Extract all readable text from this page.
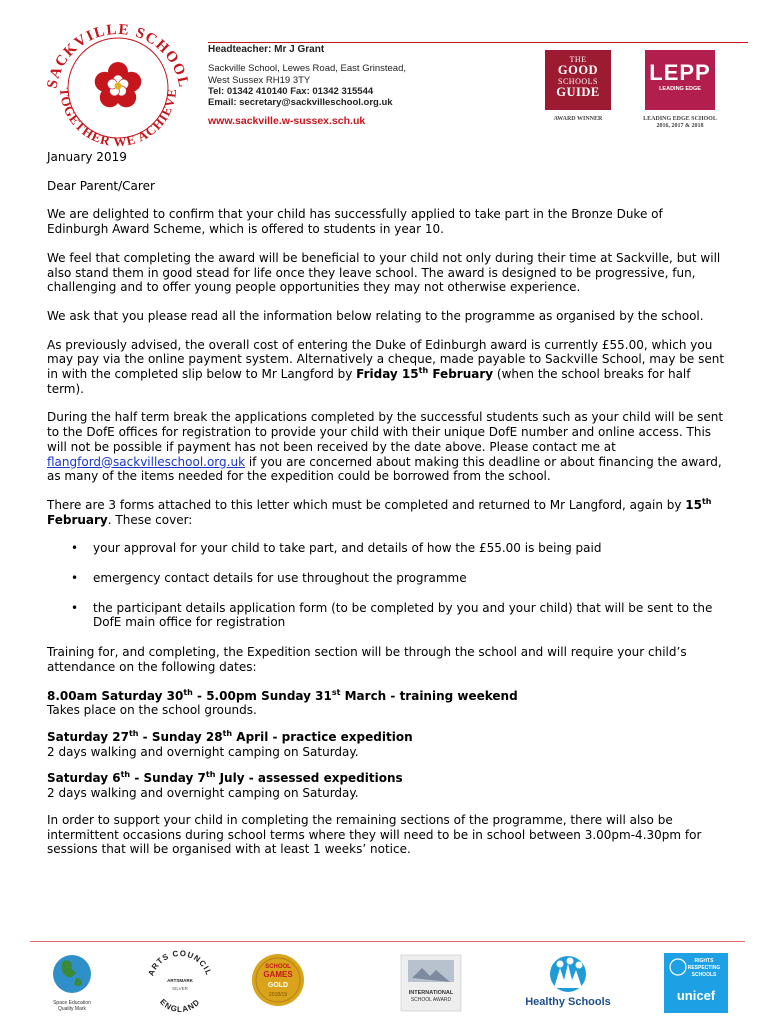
SACKVILLE SCHOOL
TOGETHER WE ACHIEVE
Headteacher: Mr J Grant
Sackville School, Lewes Road, East Grinstead,
West Sussex RH19 3TY
Tel: 01342 410140 Fax: 01342 315544
Email: secretary@sackvilleschool.org.uk
www.sackville.w-sussex.sch.uk
THE
GOOD
SCHOOLS
GUIDE
AWARD WINNER
LEPP
LEADING EDGE
LEADING EDGE SCHOOL
2016, 2017 & 2018

January 2019

Dear Parent/Carer

We are delighted to confirm that your child has successfully applied to take part in the Bronze Duke of Edinburgh Award Scheme, which is offered to students in year 10.

We feel that completing the award will be beneficial to your child not only during their time at Sackville, but will also stand them in good stead for life once they leave school. The award is designed to be progressive, fun, challenging and to offer young people opportunities they may not otherwise experience.

We ask that you please read all the information below relating to the programme as organised by the school.

As previously advised, the overall cost of entering the Duke of Edinburgh award is currently £55.00, which you may pay via the online payment system. Alternatively a cheque, made payable to Sackville School, may be sent in with the completed slip below to Mr Langford by Friday 15th February (when the school breaks for half term).

During the half term break the applications completed by the successful students such as your child will be sent to the DofE offices for registration to provide your child with their unique DofE number and online access. This will not be possible if payment has not been received by the date above. Please contact me at flangford@sackvilleschool.org.uk if you are concerned about making this deadline or about financing the award, as many of the items needed for the expedition could be borrowed from the school.

There are 3 forms attached to this letter which must be completed and returned to Mr Langford, again by 15th February. These cover:

• your approval for your child to take part, and details of how the £55.00 is being paid
• emergency contact details for use throughout the programme
• the participant details application form (to be completed by you and your child) that will be sent to the DofE main office for registration

Training for, and completing, the Expedition section will be through the school and will require your child’s attendance on the following dates:

8.00am Saturday 30th - 5.00pm Sunday 31st March - training weekend
Takes place on the school grounds.

Saturday 27th - Sunday 28th April - practice expedition
2 days walking and overnight camping on Saturday.

Saturday 6th - Sunday 7th July - assessed expeditions
2 days walking and overnight camping on Saturday.

In order to support your child in completing the remaining sections of the programme, there will also be intermittent occasions during school terms where they will need to be in school between 3.00pm-4.30pm for sessions that will be organised with at least 1 weeks’ notice.

Space Education
Quality Mark
ARTS COUNCIL
ENGLAND
ARTSMARK
SILVER
SCHOOL
GAMES
GOLD
2018/19	INTERNATIONAL
SCHOOL AWARD	Healthy Schools
RIGHTS
RESPECTING
SCHOOLS
unicef
